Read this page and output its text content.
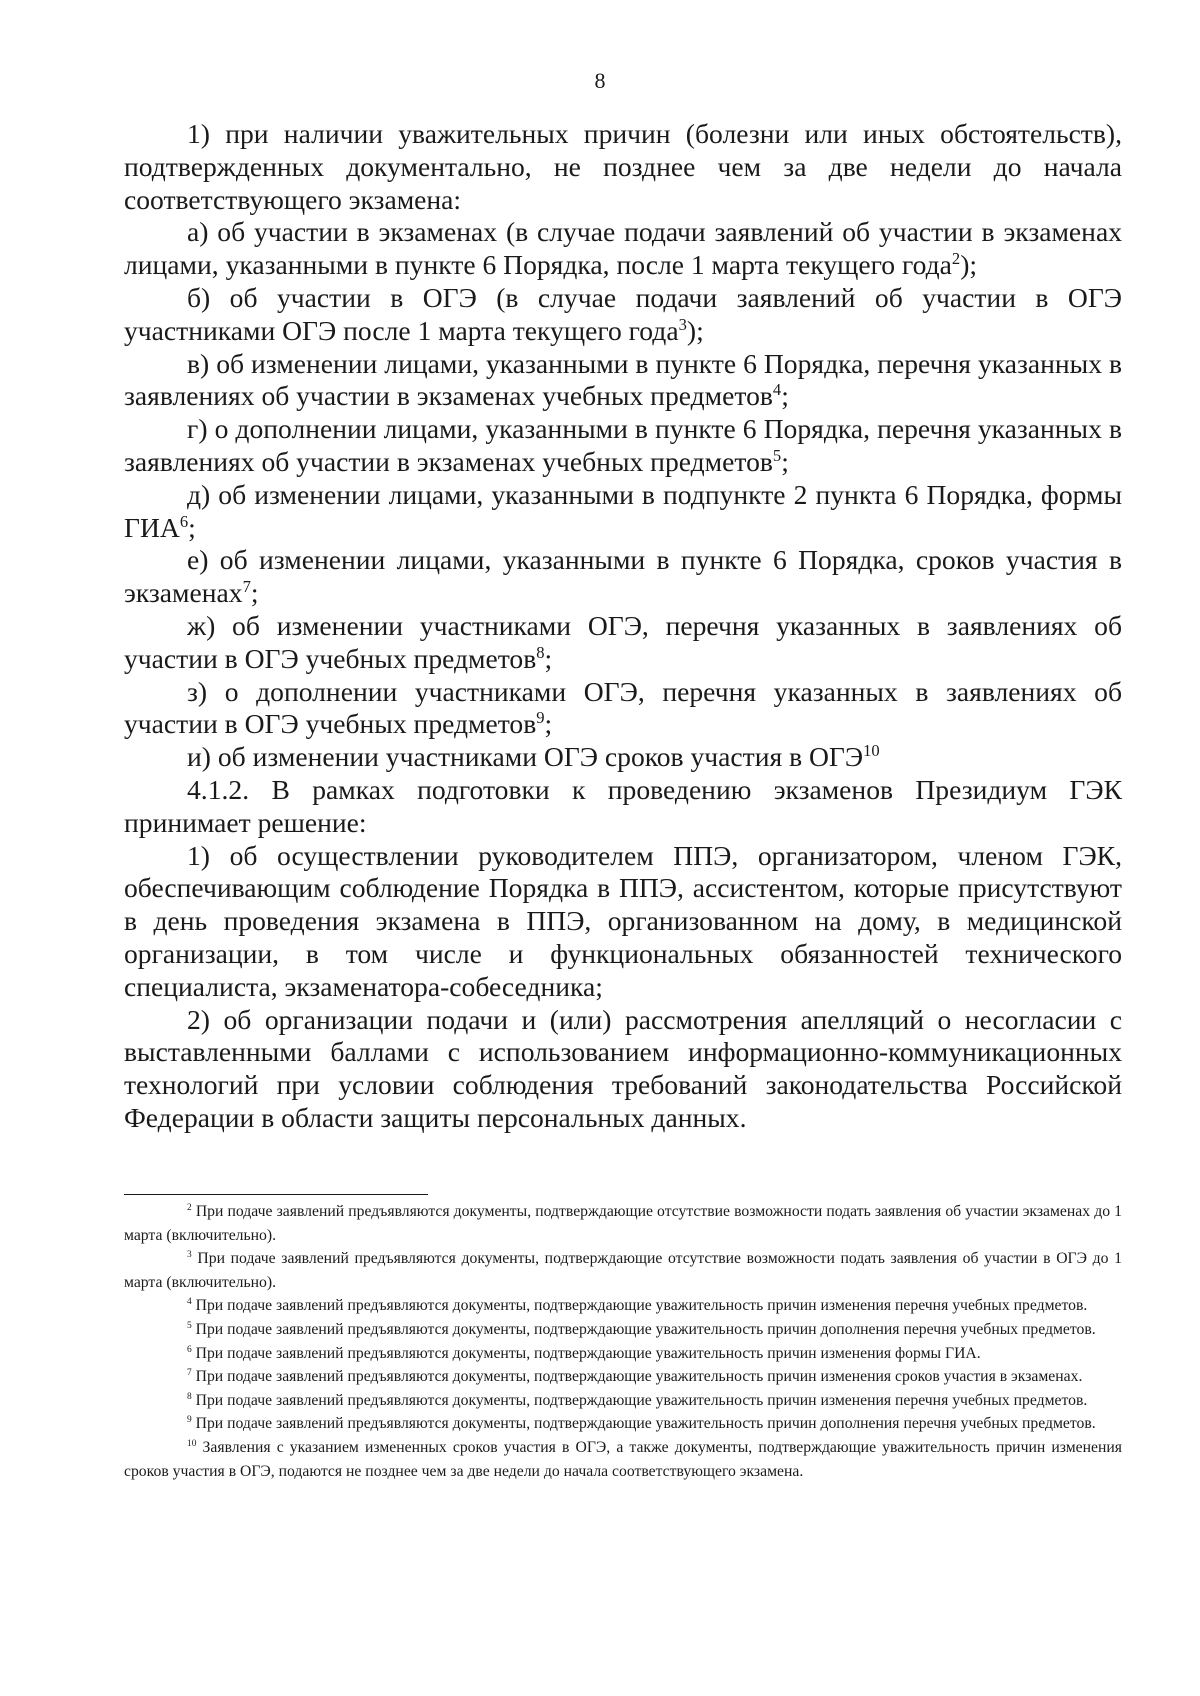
8

1) при наличии уважительных причин (болезни или иных обстоятельств), подтвержденных документально, не позднее чем за две недели до начала соответствующего экзамена:

а) об участии в экзаменах (в случае подачи заявлений об участии в экзаменах лицами, указанными в пункте 6 Порядка, после 1 марта текущего года$^2$);

б) об участии в ОГЭ (в случае подачи заявлений об участии в ОГЭ участниками ОГЭ после 1 марта текущего года$^3$);

в) об изменении лицами, указанными в пункте 6 Порядка, перечня указанных в заявлениях об участии в экзаменах учебных предметов$^4$;

г) о дополнении лицами, указанными в пункте 6 Порядка, перечня указанных в заявлениях об участии в экзаменах учебных предметов$^5$;

д) об изменении лицами, указанными в подпункте 2 пункта 6 Порядка, формы ГИА$^6$;

е) об изменении лицами, указанными в пункте 6 Порядка, сроков участия в экзаменах$^7$;

ж) об изменении участниками ОГЭ, перечня указанных в заявлениях об участии в ОГЭ учебных предметов$^8$;

з) о дополнении участниками ОГЭ, перечня указанных в заявлениях об участии в ОГЭ учебных предметов$^9$;

и) об изменении участниками ОГЭ сроков участия в ОГЭ$^{10}$

4.1.2. В рамках подготовки к проведению экзаменов Президиум ГЭК принимает решение:

1) об осуществлении руководителем ППЭ, организатором, членом ГЭК, обеспечивающим соблюдение Порядка в ППЭ, ассистентом, которые присутствуют в день проведения экзамена в ППЭ, организованном на дому, в медицинской организации, в том числе и функциональных обязанностей технического специалиста, экзаменатора-собеседника;

2) об организации подачи и (или) рассмотрения апелляций о несогласии с выставленными баллами с использованием информационно-коммуникационных технологий при условии соблюдения требований законодательства Российской Федерации в области защиты персональных данных.

$^2$ При подаче заявлений предъявляются документы, подтверждающие отсутствие возможности подать заявления об участии экзаменах до 1 марта (включительно).

$^3$ При подаче заявлений предъявляются документы, подтверждающие отсутствие возможности подать заявления об участии в ОГЭ до 1 марта (включительно).

$^4$ При подаче заявлений предъявляются документы, подтверждающие уважительность причин изменения перечня учебных предметов.

$^5$ При подаче заявлений предъявляются документы, подтверждающие уважительность причин дополнения перечня учебных предметов.

$^6$ При подаче заявлений предъявляются документы, подтверждающие уважительность причин изменения формы ГИА.

$^7$ При подаче заявлений предъявляются документы, подтверждающие уважительность причин изменения сроков участия в экзаменах.

$^8$ При подаче заявлений предъявляются документы, подтверждающие уважительность причин изменения перечня учебных предметов.

$^9$ При подаче заявлений предъявляются документы, подтверждающие уважительность причин дополнения перечня учебных предметов.

$^{10}$ Заявления с указанием измененных сроков участия в ОГЭ, а также документы, подтверждающие уважительность причин изменения сроков участия в ОГЭ, подаются не позднее чем за две недели до начала соответствующего экзамена.
